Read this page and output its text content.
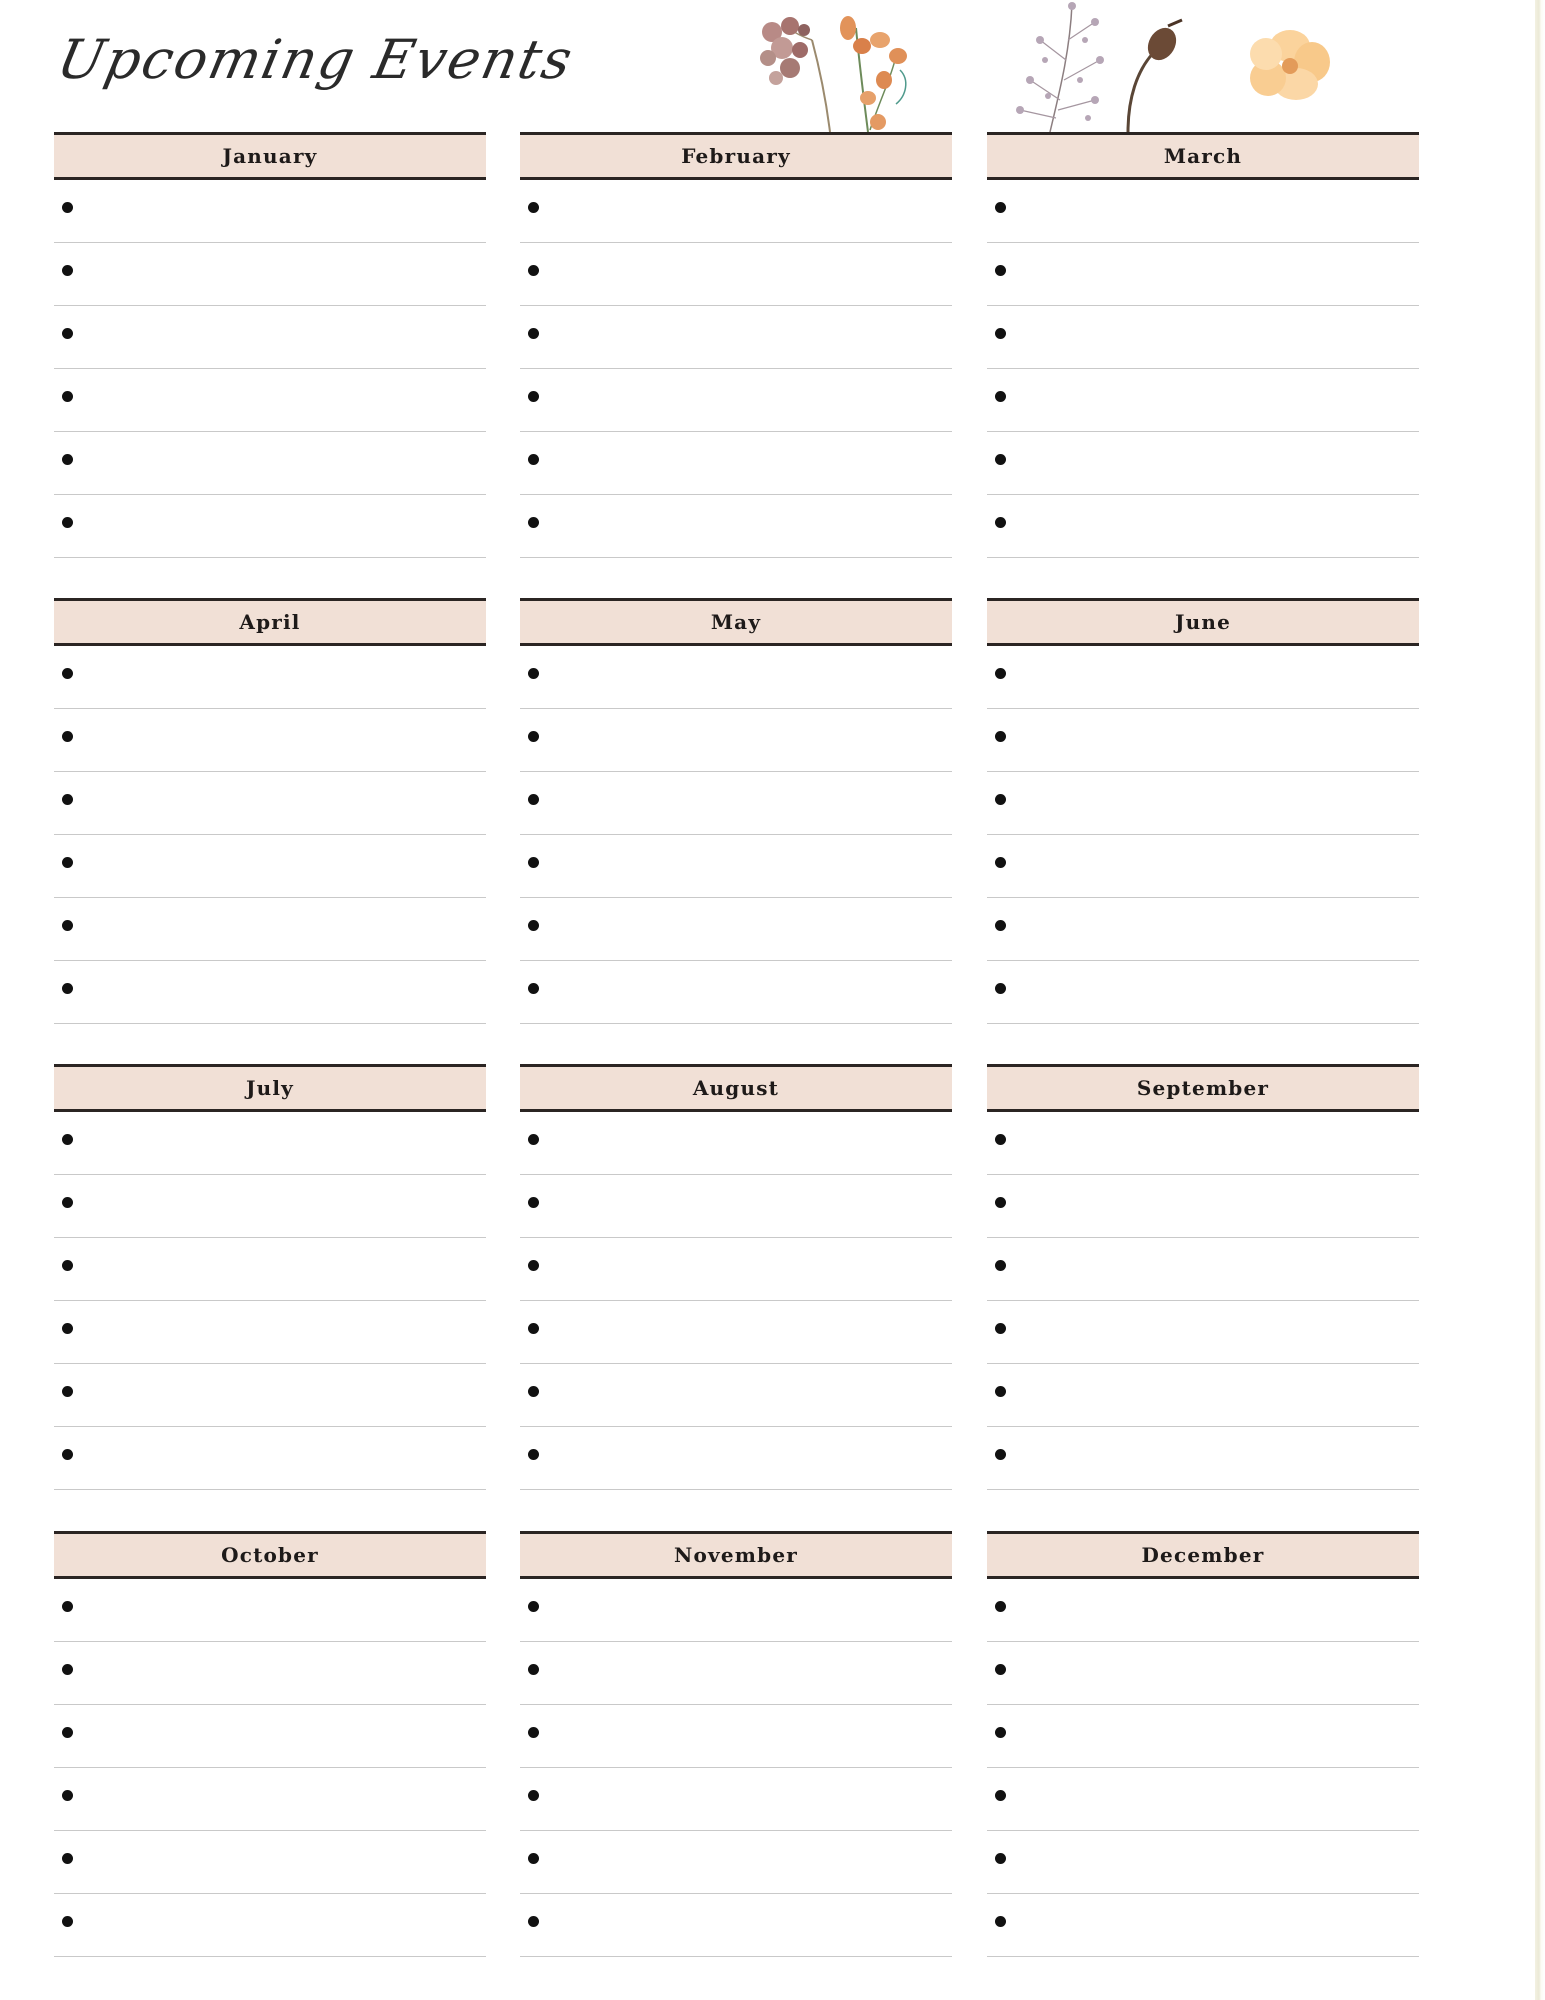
Upcoming Events
January	February	March
April	May	June
July	August	September
October	November	December
